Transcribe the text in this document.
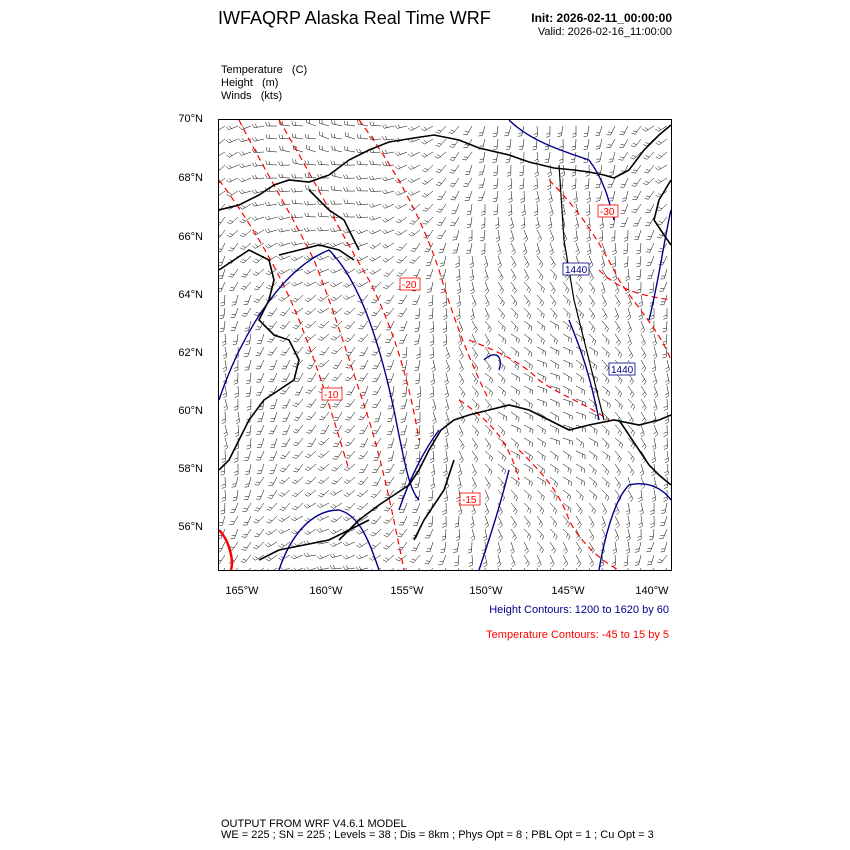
IWFAQRP Alaska Real Time WRF	Init: 2026-02-11_00:00:00
Valid: 2026-02-16_11:00:00
Temperature   (C)
Height   (m)
Winds   (kts)
70°N
68°N
66°N
64°N
62°N
60°N
58°N
56°N
165°W	160°W	155°W	150°W	145°W	140°W
1440
1440
-20
-10
-30
-15
Height Contours: 1200 to 1620 by 60
Temperature Contours: -45 to 15 by 5
OUTPUT FROM WRF V4.6.1 MODEL
WE = 225 ; SN = 225 ; Levels = 38 ; Dis = 8km ; Phys Opt = 8 ; PBL Opt = 1 ; Cu Opt = 3
